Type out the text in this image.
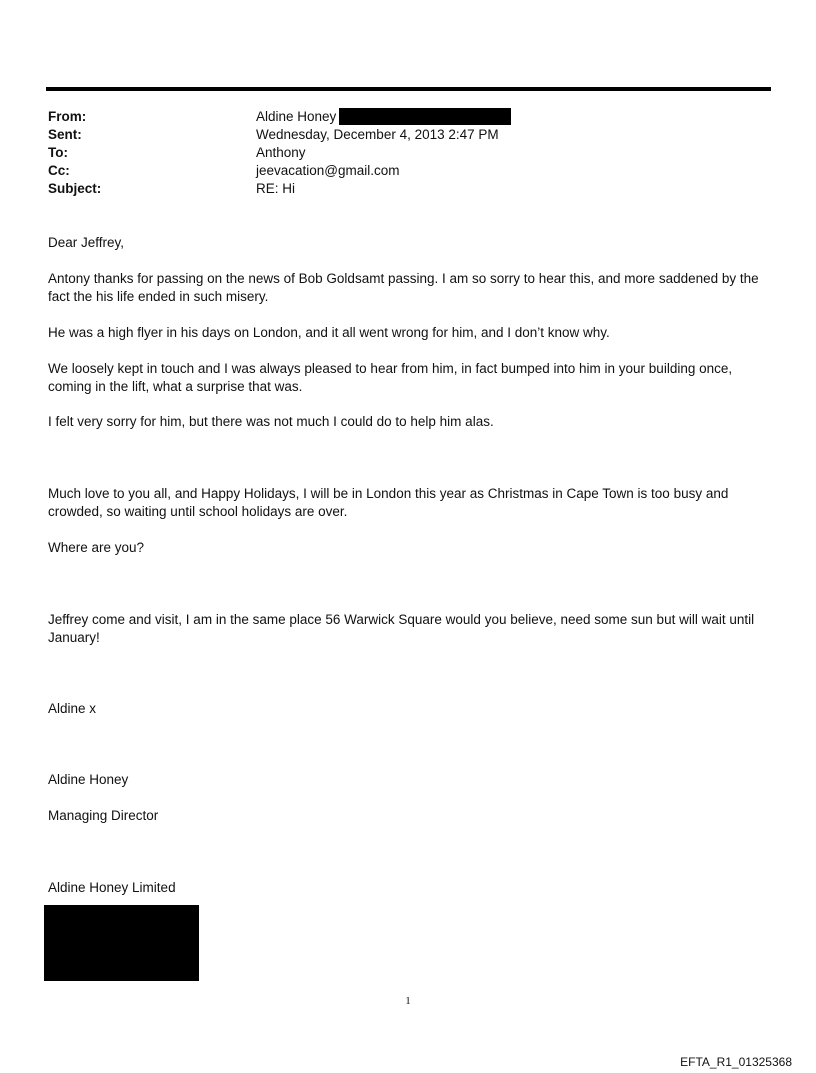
From:	Aldine Honey
Sent:	Wednesday, December 4, 2013 2:47 PM
To:	Anthony
Cc:	jeevacation@gmail.com
Subject:	RE: Hi
Dear Jeffrey,
Antony thanks for passing on the news of Bob Goldsamt passing. I am so sorry to hear this, and more saddened by the fact the his life ended in such misery.
He was a high flyer in his days on London, and it all went wrong for him, and I don’t know why.
We loosely kept in touch and I was always pleased to hear from him, in fact bumped into him in your building once, coming in the lift, what a surprise that was.
I felt very sorry for him, but there was not much I could do to help him alas.
Much love to you all, and Happy Holidays, I will be in London this year as Christmas in Cape Town is too busy and crowded, so waiting until school holidays are over.
Where are you?
Jeffrey come and visit, I am in the same place 56 Warwick Square would you believe, need some sun but will wait until January!
Aldine x
Aldine Honey
Managing Director
Aldine Honey Limited
1
EFTA_R1_01325368
